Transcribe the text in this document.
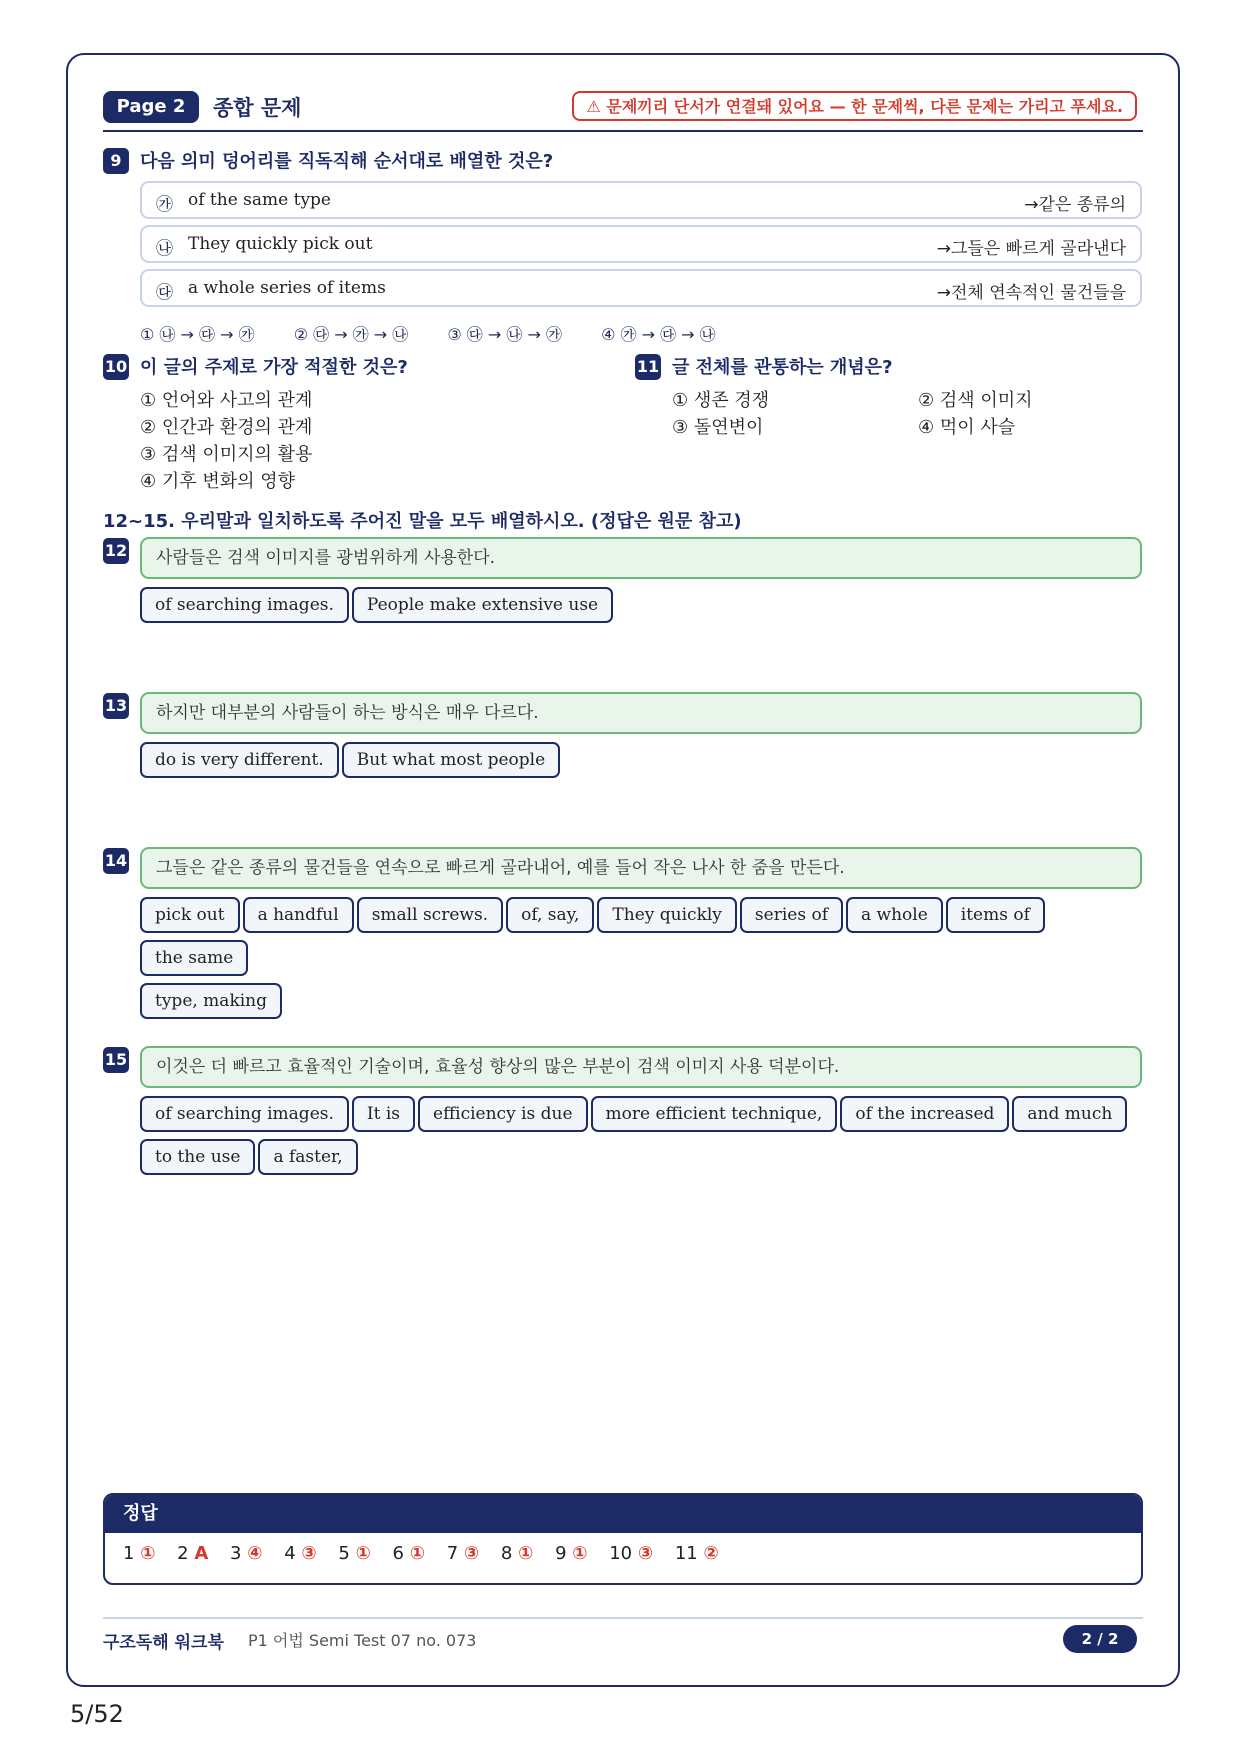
Page 2	종합 문제	⚠ 문제끼리 단서가 연결돼 있어요 — 한 문제씩, 다른 문제는 가리고 푸세요.
9	다음 의미 덩어리를 직독직해 순서대로 배열한 것은?
㉮ of the same type	→같은 종류의
㉯ They quickly pick out	→그들은 빠르게 골라낸다
㉰ a whole series of items	→전체 연속적인 물건들을
① ㉯ → ㉰ → ㉮ ② ㉰ → ㉮ → ㉯ ③ ㉰ → ㉯ → ㉮ ④ ㉮ → ㉰ → ㉯
10 이 글의 주제로 가장 적절한 것은?
① 언어와 사고의 관계
② 인간과 환경의 관계
③ 검색 이미지의 활용
④ 기후 변화의 영향
11 글 전체를 관통하는 개념은?
① 생존 경쟁	② 검색 이미지
③ 돌연변이	④ 먹이 사슬
12~15. 우리말과 일치하도록 주어진 말을 모두 배열하시오. (정답은 원문 참고)
12	사람들은 검색 이미지를 광범위하게 사용한다.
of searching images. People make extensive use
13	하지만 대부분의 사람들이 하는 방식은 매우 다르다.
do is very different. But what most people
14	그들은 같은 종류의 물건들을 연속으로 빠르게 골라내어, 예를 들어 작은 나사 한 줌을 만든다.
pick out a handful small screws. of, say, They quickly series of a whole items ofthe same
type, making
15	이것은 더 빠르고 효율적인 기술이며, 효율성 향상의 많은 부분이 검색 이미지 사용 덕분이다.
of searching images. It is efficiency is due more efficient technique, of the increased and much
to the use a faster,
정답
1 ① 2 A 3 ④ 4 ③ 5 ① 6 ① 7 ③ 8 ① 9 ① 10 ③ 11 ②
구조독해 워크북 P1 어법 Semi Test 07 no. 073	2 / 2
5/52
